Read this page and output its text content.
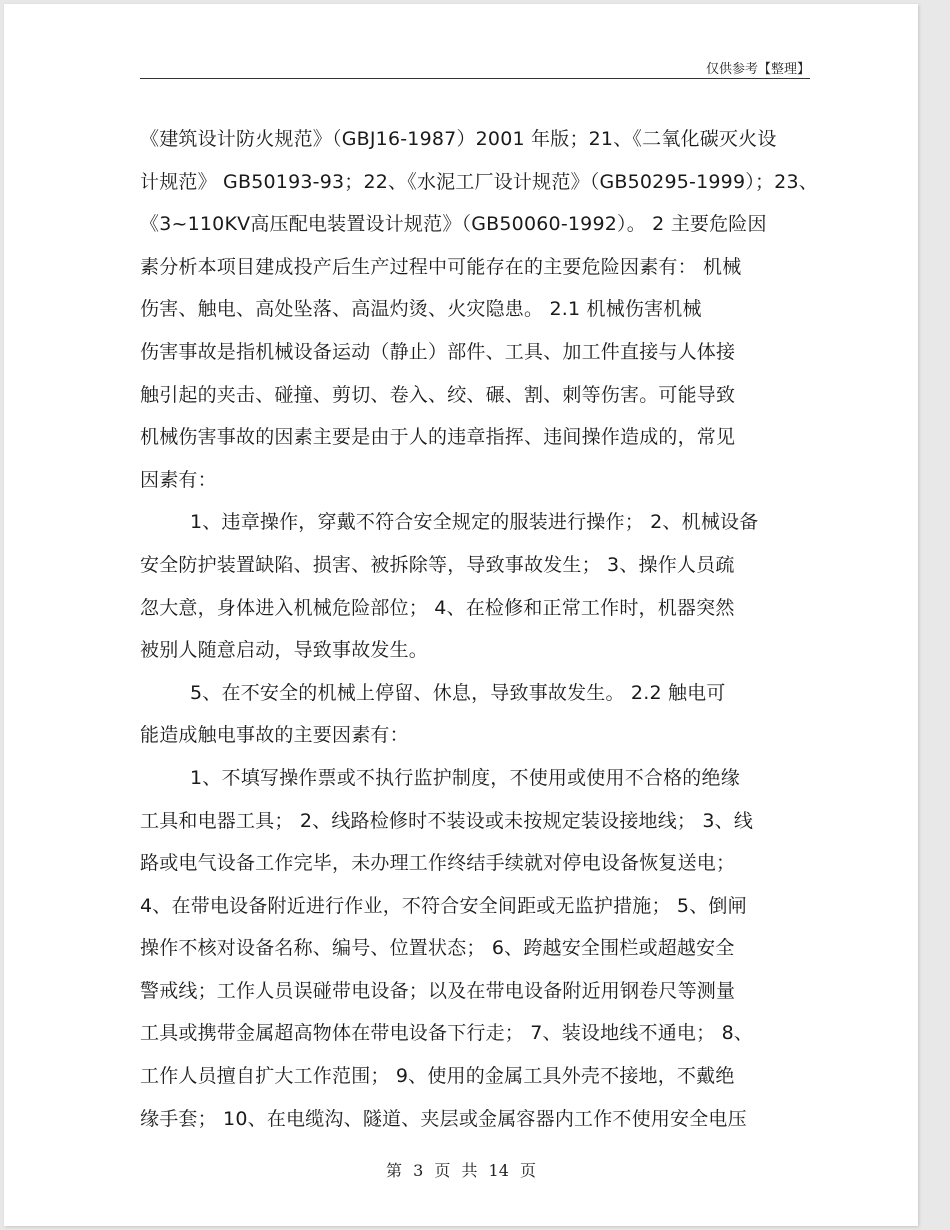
仅供参考【整理】
《建筑设计防火规范》（GBJ16-1987）2001 年版；21、《二氧化碳灭火设
计规范》 GB50193-93；22、《水泥工厂设计规范》（GB50295-1999）；23、
《3~110KV高压配电装置设计规范》（GB50060-1992）。 2 主要危险因
素分析本项目建成投产后生产过程中可能存在的主要危险因素有： 机械
伤害、触电、高处坠落、高温灼烫、火灾隐患。 2.1 机械伤害机械
伤害事故是指机械设备运动（静止）部件、工具、加工件直接与人体接
触引起的夹击、碰撞、剪切、卷入、绞、碾、割、刺等伤害。可能导致
机械伤害事故的因素主要是由于人的违章指挥、违间操作造成的，常见
因素有：
1、违章操作，穿戴不符合安全规定的服装进行操作； 2、机械设备
安全防护装置缺陷、损害、被拆除等，导致事故发生； 3、操作人员疏
忽大意，身体进入机械危险部位； 4、在检修和正常工作时，机器突然
被别人随意启动，导致事故发生。
5、在不安全的机械上停留、休息，导致事故发生。 2.2 触电可
能造成触电事故的主要因素有：
1、不填写操作票或不执行监护制度，不使用或使用不合格的绝缘
工具和电器工具； 2、线路检修时不装设或未按规定装设接地线； 3、线
路或电气设备工作完毕，未办理工作终结手续就对停电设备恢复送电；
4、在带电设备附近进行作业，不符合安全间距或无监护措施； 5、倒闸
操作不核对设备名称、编号、位置状态； 6、跨越安全围栏或超越安全
警戒线；工作人员误碰带电设备；以及在带电设备附近用钢卷尺等测量
工具或携带金属超高物体在带电设备下行走； 7、装设地线不通电； 8、
工作人员擅自扩大工作范围； 9、使用的金属工具外壳不接地，不戴绝
缘手套； 10、在电缆沟、隧道、夹层或金属容器内工作不使用安全电压
第 3 页 共 14 页
